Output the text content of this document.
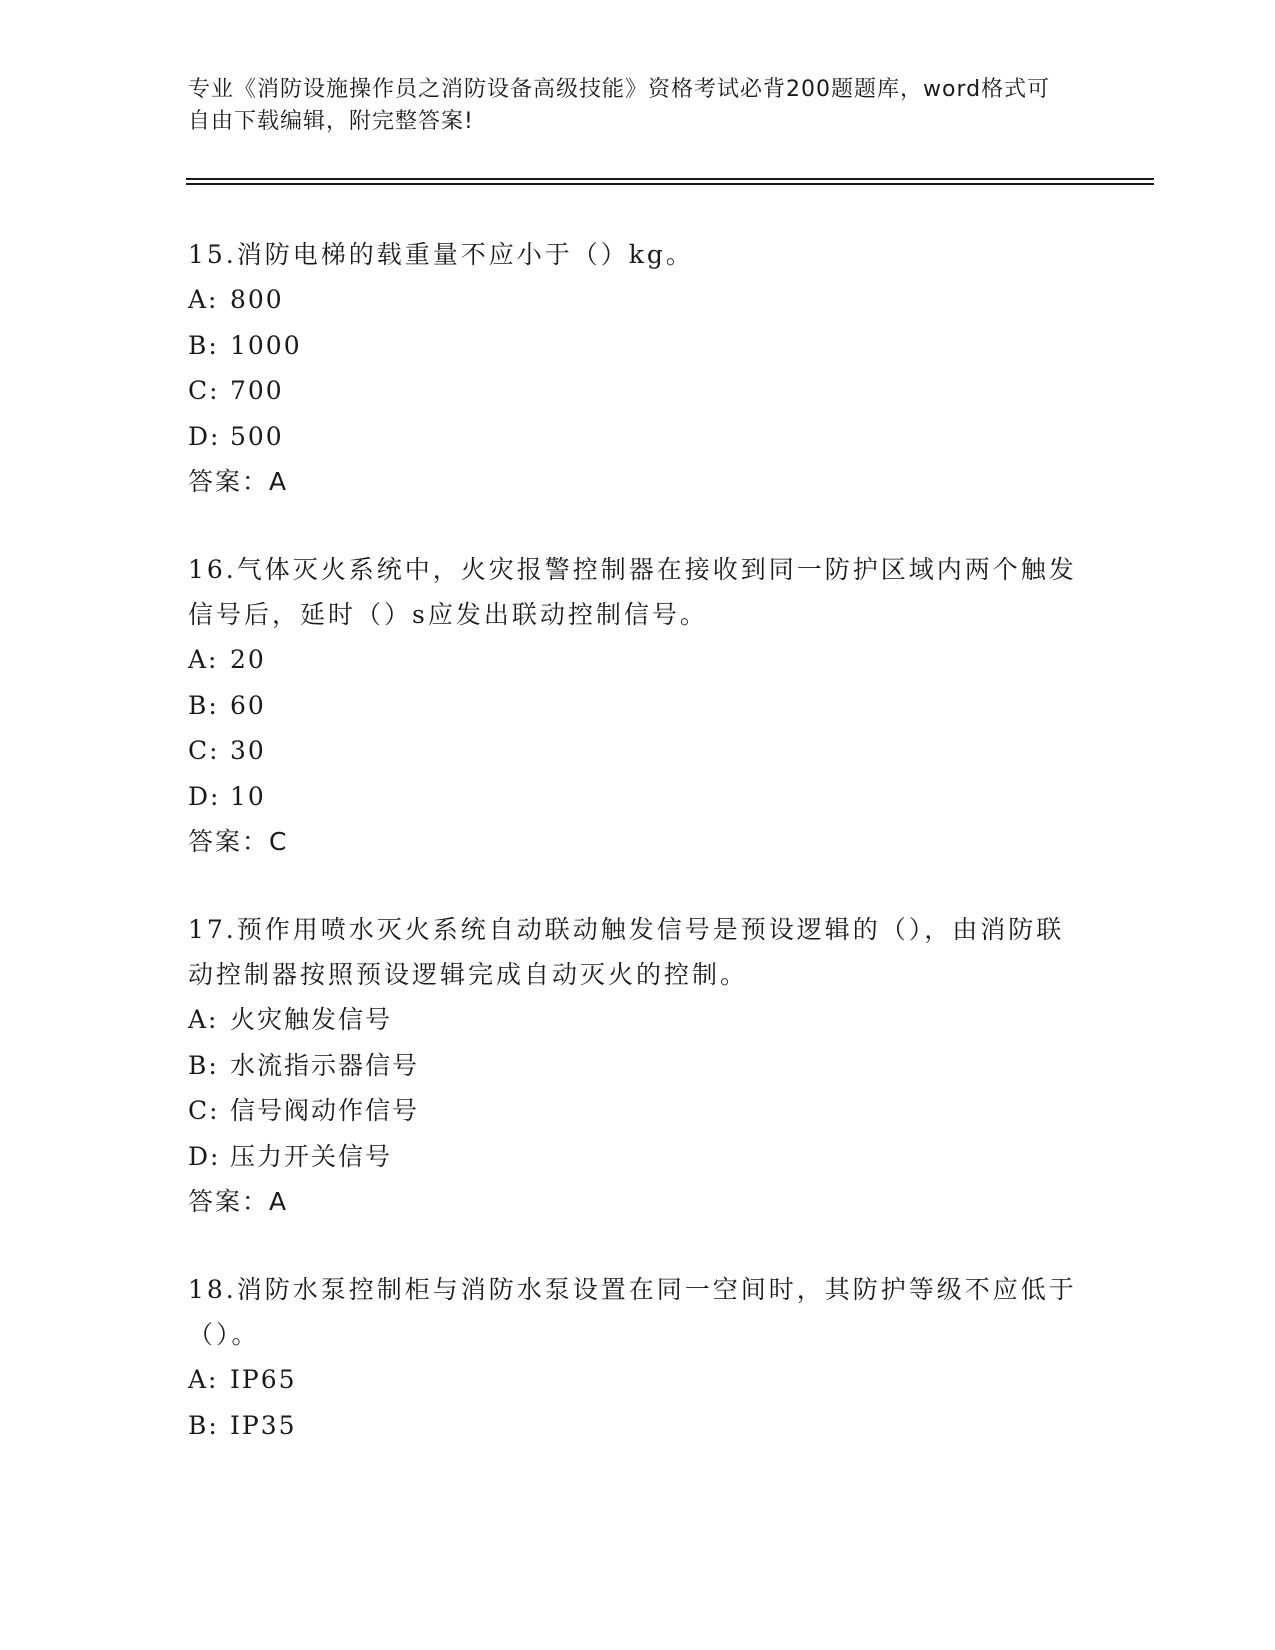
专业《消防设施操作员之消防设备高级技能》资格考试必背200题题库，word格式可自由下载编辑，附完整答案!

15.消防电梯的载重量不应小于（）kg。

A: 800
B: 1000
C: 700
D: 500
答案：A

16.气体灭火系统中，火灾报警控制器在接收到同一防护区域内两个触发信号后，延时（）s应发出联动控制信号。

A: 20
B: 60
C: 30
D: 10
答案：C

17.预作用喷水灭火系统自动联动触发信号是预设逻辑的（），由消防联动控制器按照预设逻辑完成自动灭火的控制。

A: 火灾触发信号
B: 水流指示器信号
C: 信号阀动作信号
D: 压力开关信号
答案：A

18.消防水泵控制柜与消防水泵设置在同一空间时，其防护等级不应低于（）。

A: IP65
B: IP35
